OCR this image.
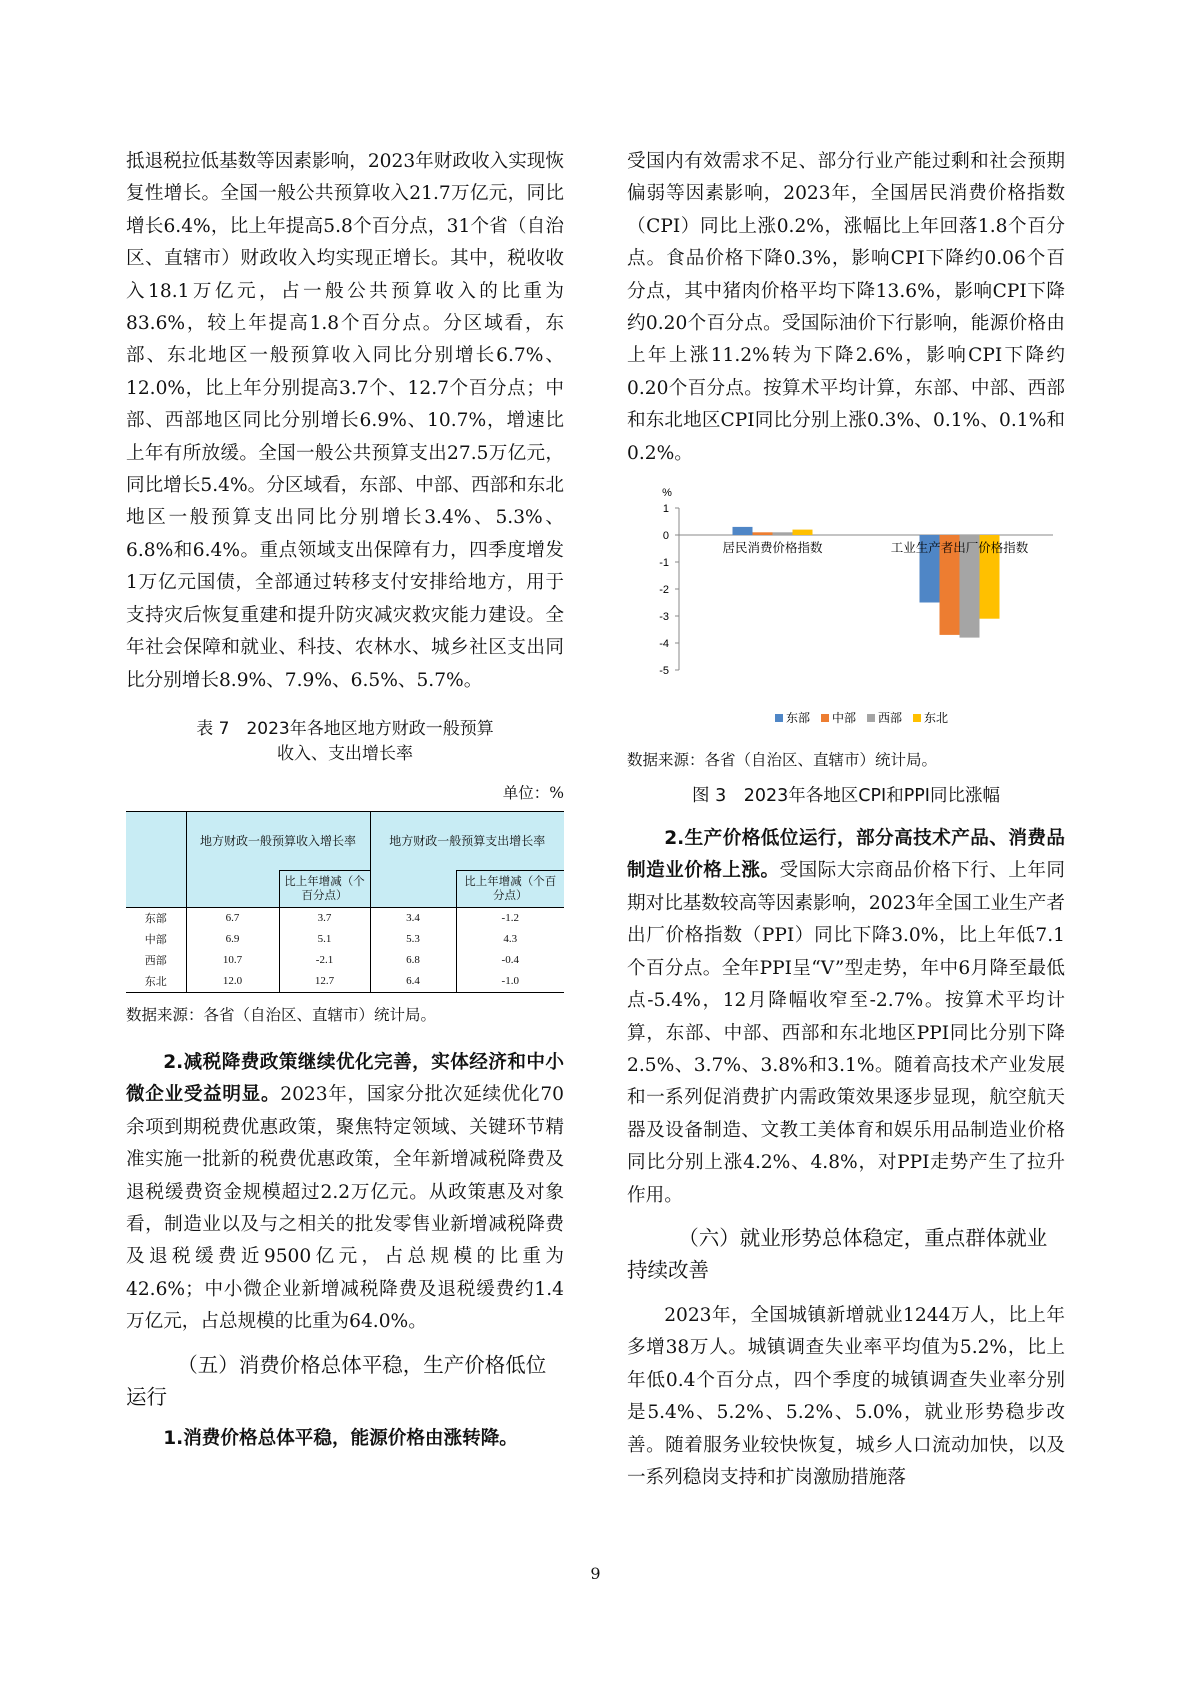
抵退税拉低基数等因素影响，2023年财政收入实现恢复性增长。全国一般公共预算收入21.7万亿元，同比增长6.4%，比上年提高5.8个百分点，31个省（自治区、直辖市）财政收入均实现正增长。其中，税收收入18.1万亿元，占一般公共预算收入的比重为83.6%，较上年提高1.8个百分点。分区域看，东部、东北地区一般预算收入同比分别增长6.7%、12.0%，比上年分别提高3.7个、12.7个百分点；中部、西部地区同比分别增长6.9%、10.7%，增速比上年有所放缓。全国一般公共预算支出27.5万亿元，同比增长5.4%。分区域看，东部、中部、西部和东北地区一般预算支出同比分别增长3.4%、5.3%、6.8%和6.4%。重点领域支出保障有力，四季度增发1万亿元国债，全部通过转移支付安排给地方，用于支持灾后恢复重建和提升防灾减灾救灾能力建设。全年社会保障和就业、科技、农林水、城乡社区支出同比分别增长8.9%、7.9%、6.5%、5.7%。

表 7　2023年各地区地方财政一般预算

收入、支出增长率

单位：%

	地方财政一般预算收入增长率		地方财政一般预算支出增长率	
		比上年增减（个百分点）		比上年增减（个百分点）
东部	6.7	3.7	3.4	-1.2
中部	6.9	5.1	5.3	4.3
西部	10.7	-2.1	6.8	-0.4
东北	12.0	12.7	6.4	-1.0

数据来源：各省（自治区、直辖市）统计局。

2.减税降费政策继续优化完善，实体经济和中小微企业受益明显。2023年，国家分批次延续优化70余项到期税费优惠政策，聚焦特定领域、关键环节精准实施一批新的税费优惠政策，全年新增减税降费及退税缓费资金规模超过2.2万亿元。从政策惠及对象看，制造业以及与之相关的批发零售业新增减税降费及退税缓费近9500亿元，占总规模的比重为42.6%；中小微企业新增减税降费及退税缓费约1.4万亿元，占总规模的比重为64.0%。

（五）消费价格总体平稳，生产价格低位运行

1.消费价格总体平稳，能源价格由涨转降。

受国内有效需求不足、部分行业产能过剩和社会预期偏弱等因素影响，2023年，全国居民消费价格指数（CPI）同比上涨0.2%，涨幅比上年回落1.8个百分点。食品价格下降0.3%，影响CPI下降约0.06个百分点，其中猪肉价格平均下降13.6%，影响CPI下降约0.20个百分点。受国际油价下行影响，能源价格由上年上涨11.2%转为下降2.6%，影响CPI下降约0.20个百分点。按算术平均计算，东部、中部、西部和东北地区CPI同比分别上涨0.3%、0.1%、0.1%和0.2%。

%
1
0
-1
-2
-3
-4
-5
居民消费价格指数	工业生产者出厂价格指数
东部 中部 西部 东北

数据来源：各省（自治区、直辖市）统计局。

图 3　2023年各地区CPI和PPI同比涨幅

2.生产价格低位运行，部分高技术产品、消费品制造业价格上涨。受国际大宗商品价格下行、上年同期对比基数较高等因素影响，2023年全国工业生产者出厂价格指数（PPI）同比下降3.0%，比上年低7.1个百分点。全年PPI呈“V”型走势，年中6月降至最低点-5.4%，12月降幅收窄至-2.7%。按算术平均计算，东部、中部、西部和东北地区PPI同比分别下降2.5%、3.7%、3.8%和3.1%。随着高技术产业发展和一系列促消费扩内需政策效果逐步显现，航空航天器及设备制造、文教工美体育和娱乐用品制造业价格同比分别上涨4.2%、4.8%，对PPI走势产生了拉升作用。

（六）就业形势总体稳定，重点群体就业持续改善

2023年，全国城镇新增就业1244万人，比上年多增38万人。城镇调查失业率平均值为5.2%，比上年低0.4个百分点，四个季度的城镇调查失业率分别是5.4%、5.2%、5.2%、5.0%，就业形势稳步改善。随着服务业较快恢复，城乡人口流动加快，以及一系列稳岗支持和扩岗激励措施落

9
